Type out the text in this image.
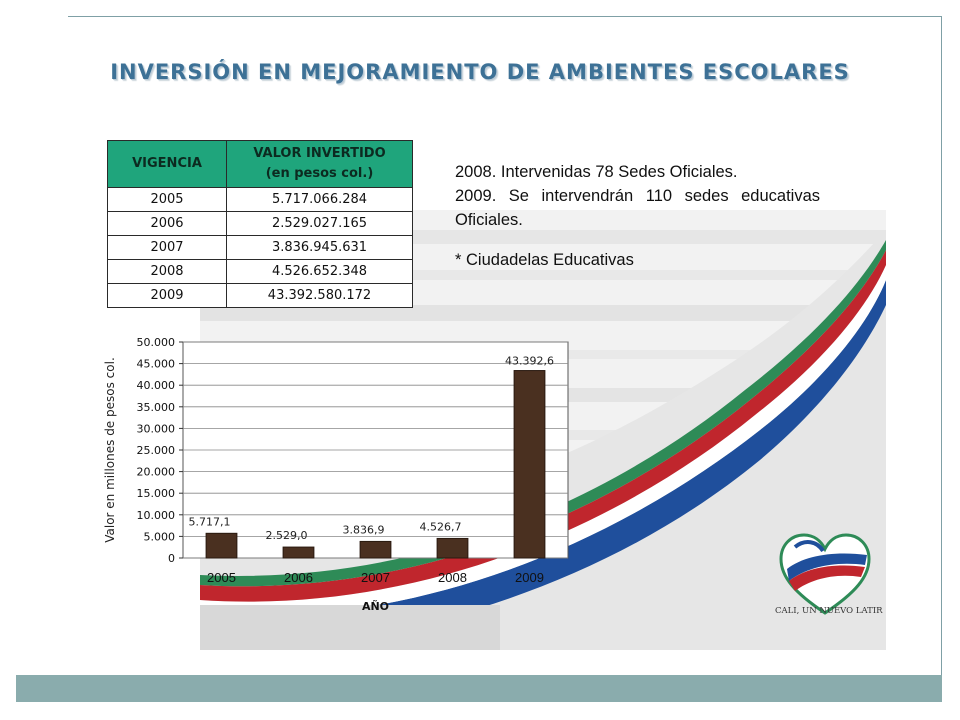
INVERSIÓN EN MEJORAMIENTO DE AMBIENTES ESCOLARES
VIGENCIA	VALOR INVERTIDO
(en pesos col.)
2005	5.717.066.284
2006	2.529.027.165
2007	3.836.945.631
2008	4.526.652.348
2009	43.392.580.172

2008. Intervenidas 78 Sedes Oficiales.

2009. Se intervendrán 110 sedes educativas Oficiales.

* Ciudadelas Educativas

0
5.000
10.000
15.000
20.000
25.000
30.000
35.000
40.000
45.000
50.000
5.717,1
2005
2.529,0
2006
3.836,9
2007
4.526,7
2008
43.392,6
2009
AÑO
Valor en millones de pesos col.
CALI, UN NUEVO LATIR
